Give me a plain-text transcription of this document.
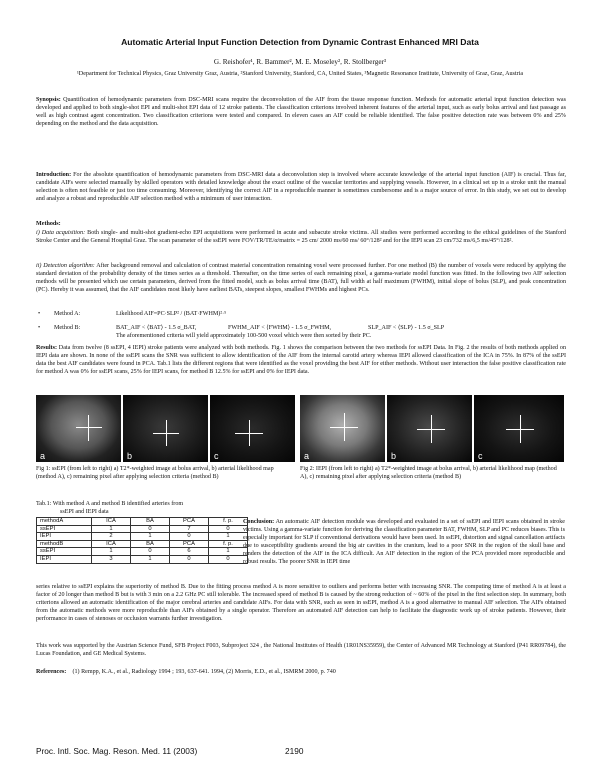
Automatic Arterial Input Function Detection from Dynamic Contrast Enhanced MRI Data
G. Reishofer¹, R. Bammer², M. E. Moseley², R. Stollberger³
¹Department for Technical Physics, Graz University Graz, Austria, ²Stanford University, Stanford, CA, United States, ³Magnetic Resonance Institute, University of Graz, Graz, Austria
Synopsis: Quantification of hemodynamic parameters from DSC-MRI scans require the deconvolution of the AIF from the tissue response function. Methods for automatic arterial input function detection was developed and applied to both single-shot EPI and multi-shot EPI data of 12 stroke patients. The classification criterions involved inherent features of the arterial input, such as early bolus arrival and fast passage as well as high contrast agent concentration. Two classification criterions were tested and compared. In eleven cases an AIF could be reliable identified. The false positive detection rate was between 0% and 25% depending on the method and the data acquisition.
Introduction: For the absolute quantification of hemodynamic parameters from DSC-MRI data a deconvolution step is involved where accurate knowledge of the arterial input function (AIF) is crucial. Thus far, candidate AIFs were selected manually by skilled operators with detailed knowledge about the exact outline of the vascular territories and supplying vessels. However, in a clinical set up in a stroke unit the manual selection is often not feasible or just too time consuming. Moreover, identifying the correct AIF in a reproducible manner is sometimes cumbersome and is a major source of error. In this study, we set out to develop and analyze a robust and reproducible AIF selection method with a minimum of user interaction.
Methods:
i) Data acquisition: Both single- and multi-shot gradient-echo EPI acquisitions were performed in acute and subacute stroke victims. All studies were performed according to the ethical guidelines of the Stanford Stroke Center and the General Hospital Graz. The scan parameter of the ssEPI were FOV/TR/TE/α/matrix = 25 cm/ 2000 ms/60 ms/ 60°/128² and for the IEPI scan 23 cm/732 ms/6,5 ms/45°/128².
ii) Detection algorithm: After background removal and calculation of contrast material concentration remaining voxel were processed further. For one method (B) the number of voxels were reduced by applying the standard deviation of the probability density of the times series as a threshold. Thereafter, on the time series of each remaining pixel, a gamma-variate model function was fitted. In the following two AIF selection methods will be presented which use certain parameters, derived from the fitted model, such as bolus arrival time (BAT), full width at half maximum (FWHM), initial slope of bolus (SLP), and peak concentration (PC). Hereby it was assumed, that the AIF candidates most likely have earliest BATs, steepest slopes, smallest FWHMs and highest PCs.
• Method A:	Likelihood AIF=PC·SLP² / (BAT·FWHM)²·⁵
• Method B:	BAT_AIF < ⟨BAT⟩ - 1.5 σ_BAT,	FWHM_AIF < ⟨FWHM⟩ - 1.5 σ_FWHM,	SLP_AIF < ⟨SLP⟩ - 1.5 σ_SLP
The aforementioned criteria will yield approximately 100-500 voxel which were then sorted by their PC.
Results: Data from twelve (8 ssEPI, 4 IEPI) stroke patients were analyzed with both methods. Fig. 1 shows the comparison between the two methods for ssEPI Data. In Fig. 2 the results of both methods applied on IEPI data are shown. In none of the ssEPI scans the SNR was sufficient to allow identification of the AIF from the internal carotid artery whereas IEPI allowed classification of the ICA in 75%. In 87% of the ssEPI data the best AIF candidates were found in PCA. Tab.1 lists the different regions that were identified as the voxel providing the best AIF for either methods. Without user interaction the false positive classification rate for method A was 0% for ssEPI scans, 25% for IEPI scans, for method B 12.5% for ssEPI and 0% for IEPI data.
a	b	c	a	b	c
Fig 1: ssEPI (from left to right) a) T2*-weighted image at bolus arrival, b) arterial likelihood map (method A), c) remaining pixel after applying selection criteria (method B)
Fig 2: IEPI (from left to right) a) T2*-weighted image at bolus arrival, b) arterial likelihood map (method A), c) remaining pixel after applying selection criteria (method B)
Tab.1: With method A and method B identified arteries from
ssEPI and IEPI data
methodA	ICA	BA	PCA	f. p.
ssEPI	1	0	7	0
IEPI	2	1	0	1
methodB	ICA	BA	PCA	f. p.
ssEPI	1	0	6	1
IEPI	3	1	0	0
Conclusion: An automatic AIF detection module was developed and evaluated in a set of ssEPI and IEPI scans obtained in stroke victims. Using a gamma-variate function for deriving the classification parameter BAT, FWHM, SLP and PC reduces biases. This is especially important for SLP if conventional derivations would have been used. In ssEPI, distortion and signal cancellation artifacts due to susceptibility gradients around the big air cavities in the cranium, lead to a poor SNR in the region of the skull base and renders the detection of the AIF in the ICA difficult. An AIF detection in the region of the PCA provided more reproducible and robust results. The poorer SNR in IEPI time
series relative to ssEPI explains the superiority of method B. Due to the fitting process method A is more sensitive to outliers and performs better with increasing SNR. The computing time of method A is at least a factor of 20 longer than method B but is with 3 min on a 2.2 GHz PC still tolerable. The increased speed of method B is caused by the strong reduction of ~ 60% of the pixel in the first selection step. In summary, both criterions allowed an automatic identification of the major cerebral arteries and candidate AIFs. For data with SNR, such as seen in ssEPI, method A is a good alternative to manual AIF selection. The AIFs obtained from the automatic methods were more reproducible than AIFs obtained by a single operator. Therefore an automated AIF detection can help to facilitate the diagnostic work up of stroke patients. However, their performance in cases of stenoses or occlusion warrants further investigation.
This work was supported by the Austrian Science Fund, SFB Project F003, Subproject 324 , the National Institutes of Health (1R01NS35959), the Center of Advanced MR Technology at Stanford (P41 RR09784), the Lucas Foundation, and GE Medical Systems.
References: (1) Rempp, K.A., et al., Radiology 1994 ; 193, 637-641. 1994, (2) Morris, E.D., et al., ISMRM 2000, p. 740
Proc. Intl. Soc. Mag. Reson. Med. 11 (2003)	2190
